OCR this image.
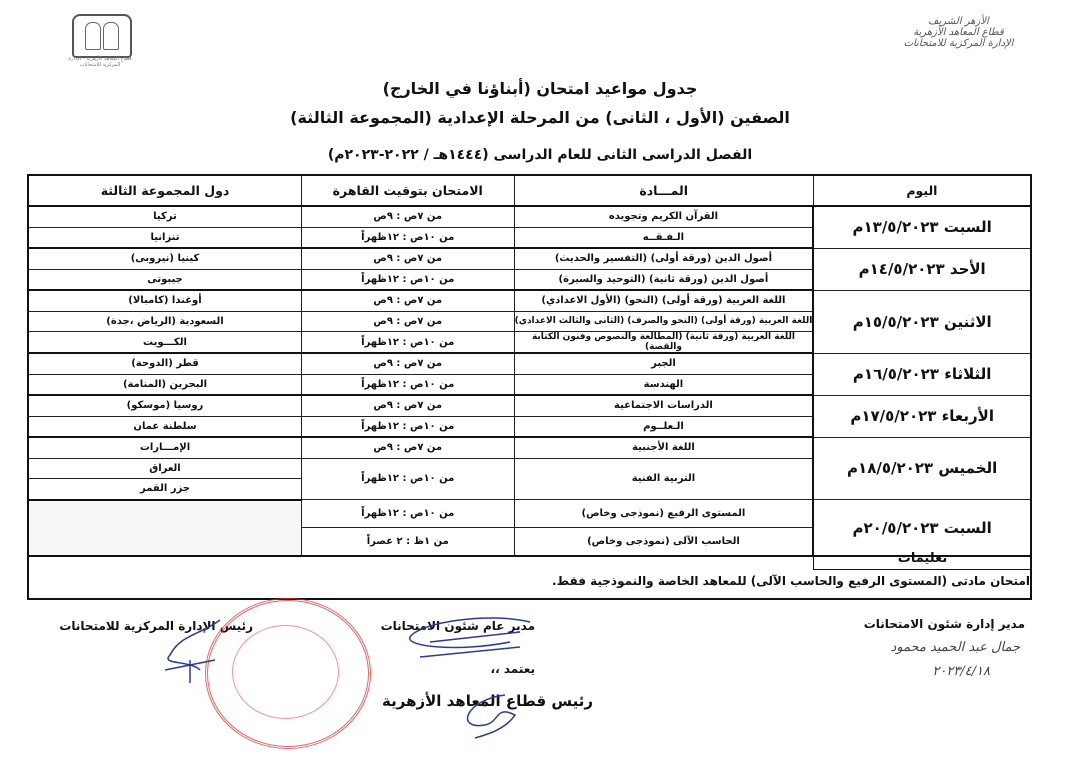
الأزهر الشريف
قطاع المعاهد الأزهرية
الإدارة المركزية للامتحانات
قطاع المعاهد الأزهرية - الإدارة المركزية للامتحانات
جدول مواعيد امتحان (أبناؤنا في الخارج)
الصفين (الأول ، الثانى) من المرحلة الإعدادية (المجموعة الثالثة)
الفصل الدراسى الثانى للعام الدراسى (١٤٤٤هـ / ٢٠٢٢-٢٠٢٣م)
اليوم	المـــادة	الامتحان بتوقيت القاهرة	دول المجموعة الثالثة
السبت ١٣/٥/٢٠٢٣م	القرآن الكريم وتجويده	من ٧ص : ٩ص	تركيا
	الـفـقــه	من ١٠ص : ١٢ظهراً	تنزانيا
الأحد ١٤/٥/٢٠٢٣م	أصول الدين (ورقة أولى) (التفسير والحديث)	من ٧ص : ٩ص	كينيا (نيروبى)
	أصول الدين (ورقة ثانية) (التوحيد والسيرة)	من ١٠ص : ١٢ظهراً	جيبوتى
الاثنين ١٥/٥/٢٠٢٣م	اللغة العربية (ورقة أولى) (النحو) (الأول الاعدادي)	من ٧ص : ٩ص	أوغندا (كامبالا)
	اللغة العربية (ورقة أولى) (النحو والصرف) (الثانى والثالث الاعدادي)	من ٧ص : ٩ص	السعودية (الرياض ،جدة)
	اللغة العربية (ورقة ثانية) (المطالعة والنصوص وفنون الكتابة والقصة)	من ١٠ص : ١٢ظهراً	الكـــويت
الثلاثاء ١٦/٥/٢٠٢٣م	الجبر	من ٧ص : ٩ص	قطر (الدوحة)
	الهندسة	من ١٠ص : ١٢ظهراً	البحرين (المنامة)
الأربعاء ١٧/٥/٢٠٢٣م	الدراسات الاجتماعية	من ٧ص : ٩ص	روسيا (موسكو)
	الـعلــوم	من ١٠ص : ١٢ظهراً	سلطنة عمان
الخميس ١٨/٥/٢٠٢٣م	اللغة الأجنبية	من ٧ص : ٩ص	الإمـــارات
	التربية الفنية	من ١٠ص : ١٢ظهراً	العراق
			جزر القمر
السبت ٢٠/٥/٢٠٢٣م	المستوى الرفيع (نموذجى وخاص)	من ١٠ص : ١٢ظهراً	
	الحاسب الآلى (نموذجى وخاص)	من ١ظ : ٢ عصراً	
تعليمات
امتحان مادتى (المستوى الرفيع والحاسب الآلى) للمعاهد الخاصة والنموذجية فقط.
مدير إدارة شئون الامتحانات
جمال عبد الحميد محمود
٢٠٢٣/٤/١٨
مدير عام شئون الامتحانات
رئيس الإدارة المركزية للامتحانات
يعتمد ،،
رئيس قطاع المعاهد الأزهرية
